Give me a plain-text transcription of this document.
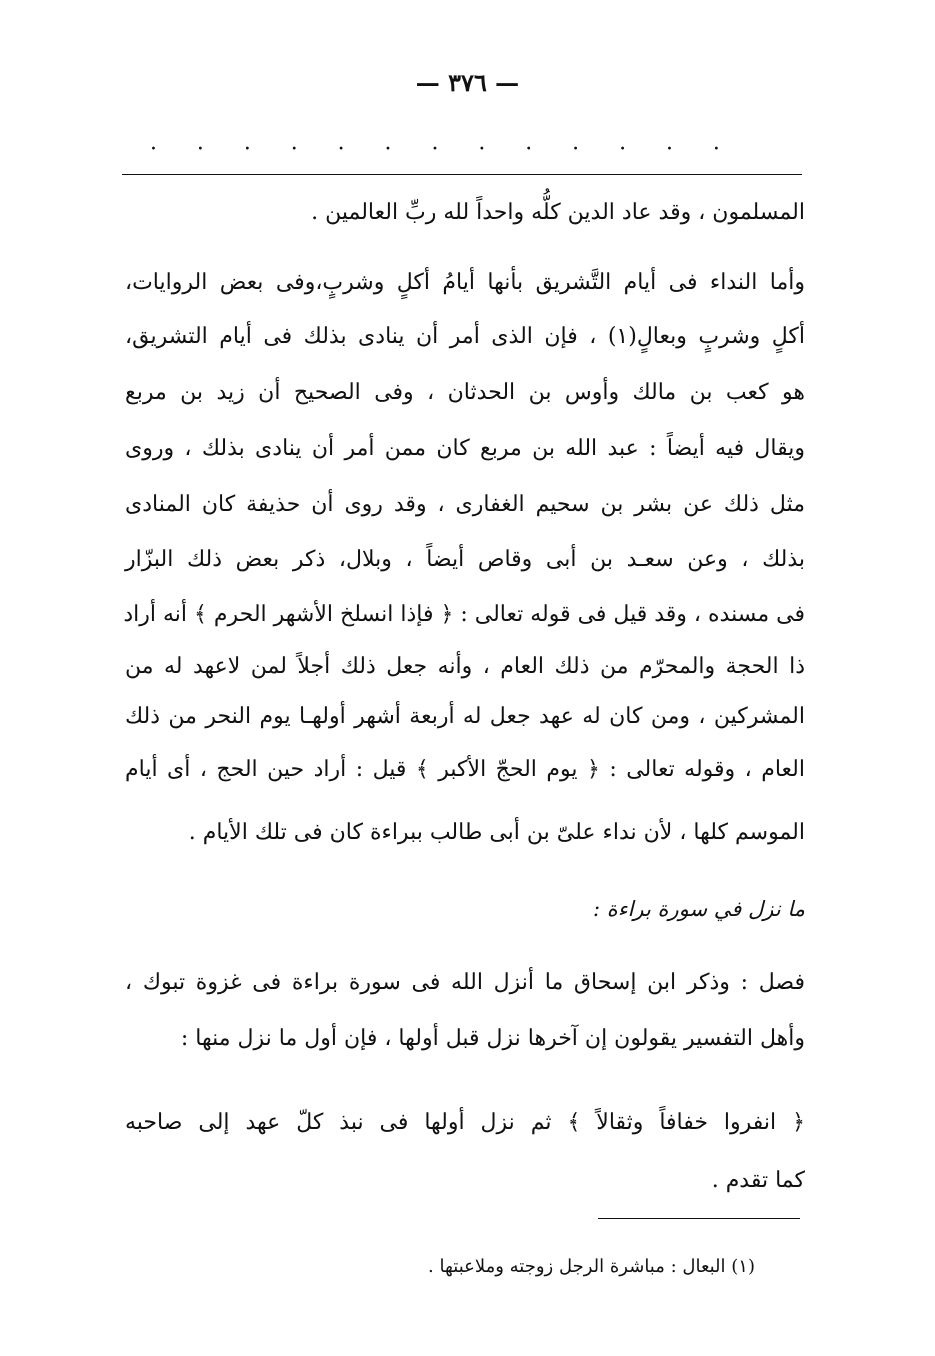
— ٣٧٦ —
· · · · · · · · · · · · ·
المسلمون ، وقد عاد الدين كلُّه واحداً لله ربِّ العالمين .
وأما النداء فى أيام التَّشريق بأنها أيامُ أكلٍ وشربٍ،وفى بعض الروايات،
أكلٍ وشربٍ وبعالٍ(١) ، فإن الذى أمر أن ينادى بذلك فى أيام التشريق،
هو كعب بن مالك وأوس بن الحدثان ، وفى الصحيح أن زيد بن مربع
ويقال فيه أيضاً : عبد الله بن مربع كان ممن أمر أن ينادى بذلك ، وروى
مثل ذلك عن بشر بن سحيم الغفارى ، وقد روى أن حذيفة كان المنادى
بذلك ، وعن سعـد بن أبى وقاص أيضاً ، وبلال، ذكر بعض ذلك البزّار
فى مسنده ، وقد قيل فى قوله تعالى : ﴿ فإذا انسلخ الأشهر الحرم ﴾ أنه أراد
ذا الحجة والمحرّم من ذلك العام ، وأنه جعل ذلك أجلاً لمن لاعهد له من
المشركين ، ومن كان له عهد جعل له أربعة أشهر أولهـا يوم النحر من ذلك
العام ، وقوله تعالى : ﴿ يوم الحجّ الأكبر ﴾ قيل : أراد حين الحج ، أى أيام
الموسم كلها ، لأن نداء علىّ بن أبى طالب ببراءة كان فى تلك الأيام .
ما نزل في سورة براءة :
فصل : وذكر ابن إسحاق ما أنزل الله فى سورة براءة فى غزوة تبوك ،
وأهل التفسير يقولون إن آخرها نزل قبل أولها ، فإن أول ما نزل منها :
﴿ انفروا خفافاً وثقالاً ﴾ ثم نزل أولها فى نبذ كلّ عهد إلى صاحبه
كما تقدم .
(١) البعال : مباشرة الرجل زوجته وملاعبتها .
